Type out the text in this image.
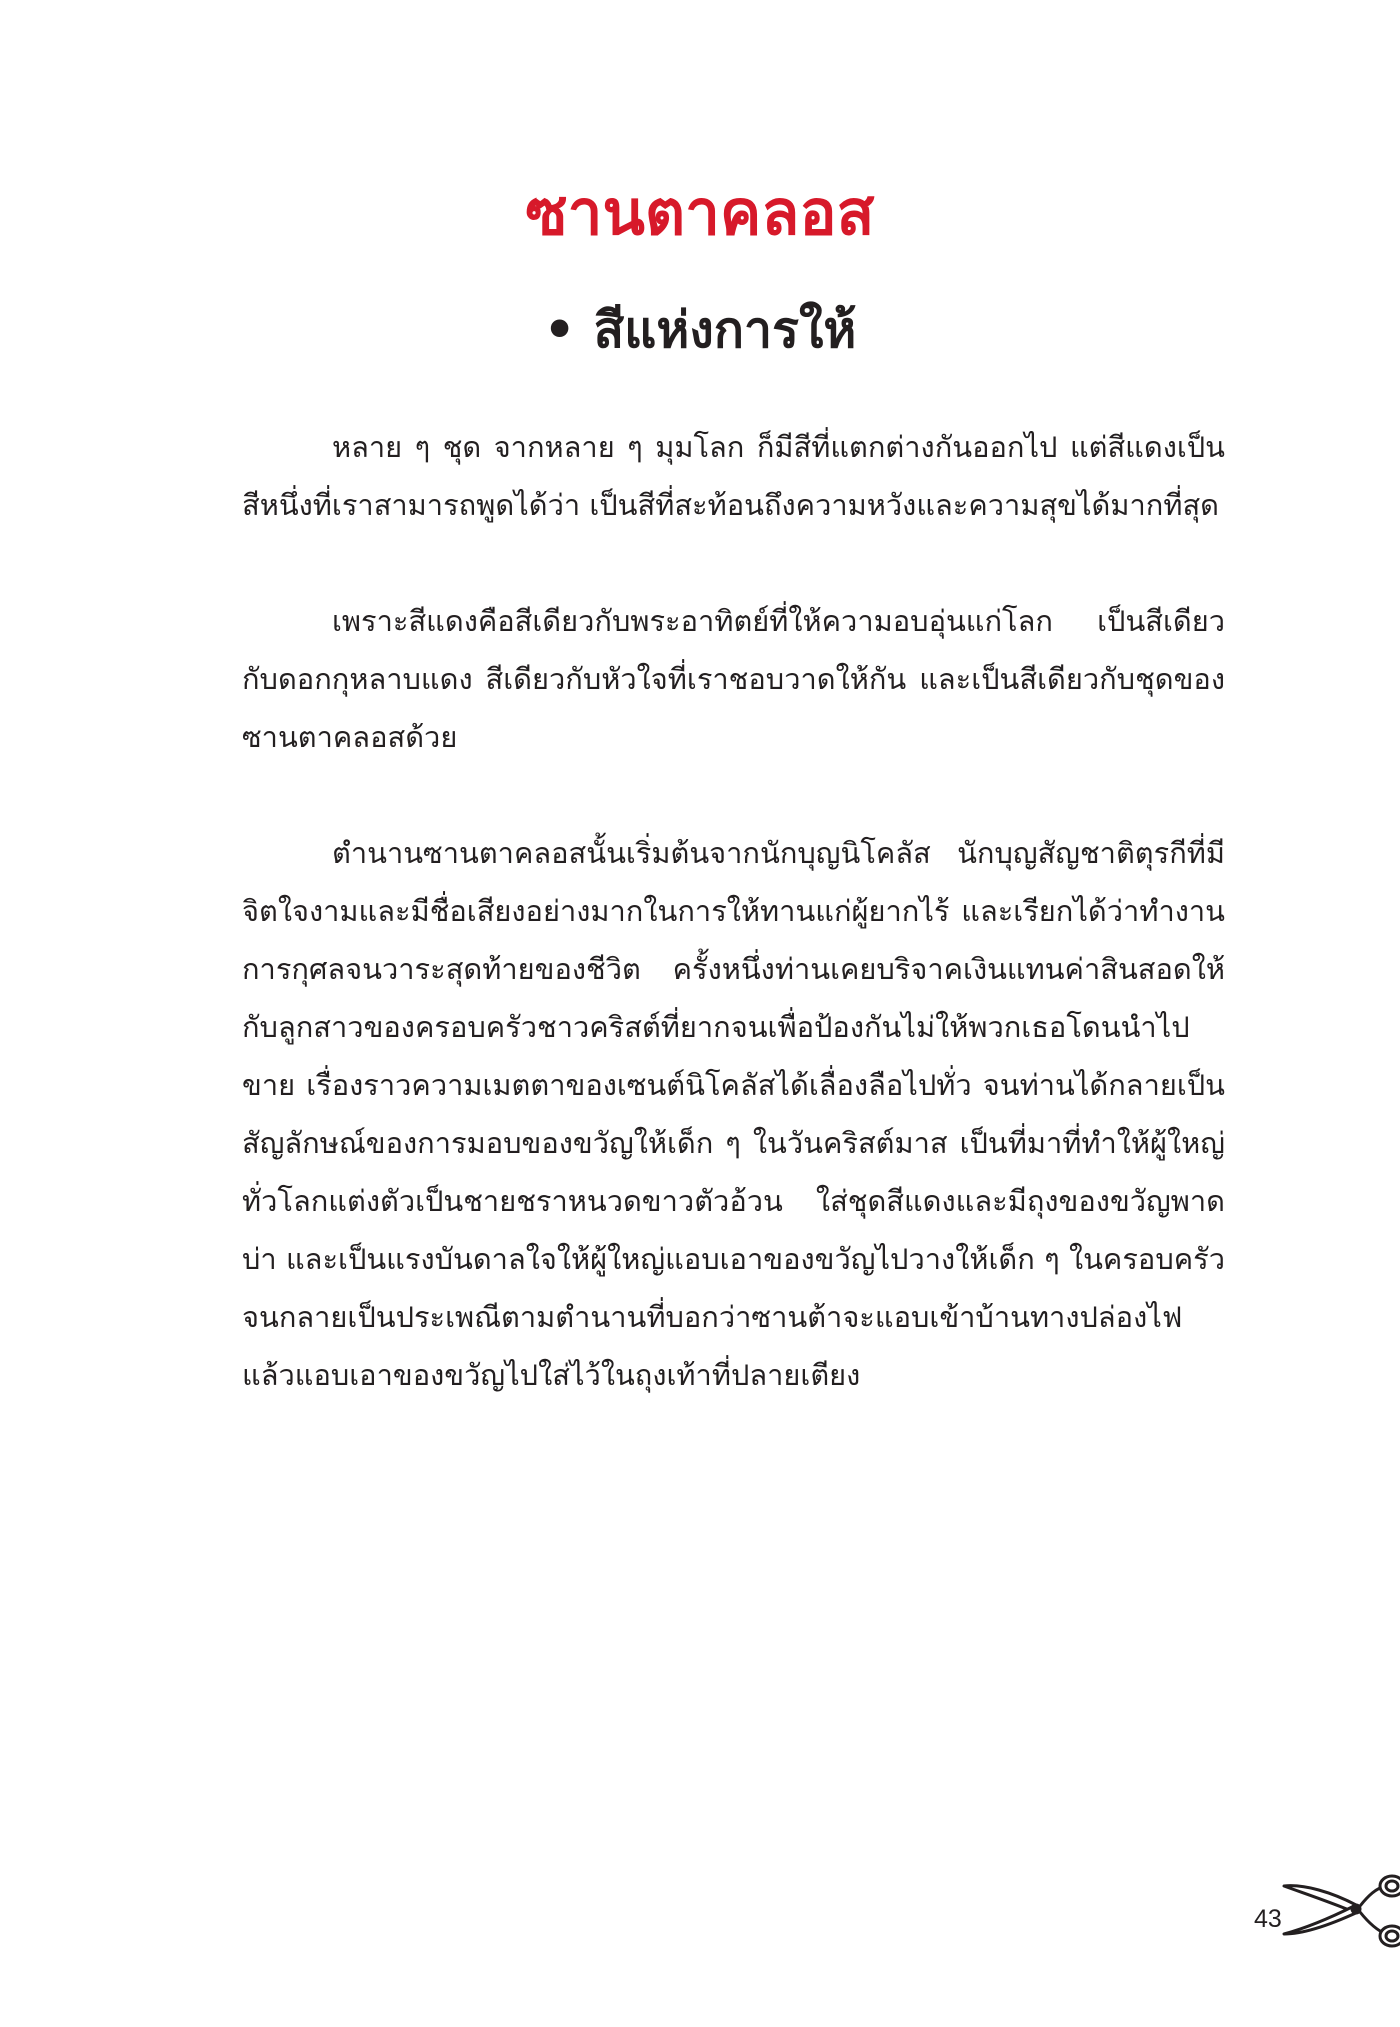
ซานตาคลอส
• สีแห่งการให้

หลาย ๆ ชุด จากหลาย ๆ มุมโลก ก็มีสีที่แตกต่างกันออกไป แต่สีแดงเป็นสีหนึ่งที่เราสามารถพูดได้ว่า เป็นสีที่สะท้อนถึงความหวังและความสุขได้มากที่สุด

เพราะสีแดงคือสีเดียวกับพระอาทิตย์ที่ให้ความอบอุ่นแก่โลก เป็นสีเดียวกับดอกกุหลาบแดง สีเดียวกับหัวใจที่เราชอบวาดให้กัน และเป็นสีเดียวกับชุดของซานตาคลอสด้วย

ตำนานซานตาคลอสนั้นเริ่มต้นจากนักบุญนิโคลัส นักบุญสัญชาติตุรกีที่มีจิตใจงามและมีชื่อเสียงอย่างมากในการให้ทานแก่ผู้ยากไร้ และเรียกได้ว่าทำงานการกุศลจนวาระสุดท้ายของชีวิต ครั้งหนึ่งท่านเคยบริจาคเงินแทนค่าสินสอดให้กับลูกสาวของครอบครัวชาวคริสต์ที่ยากจนเพื่อป้องกันไม่ให้พวกเธอโดนนำไปขาย เรื่องราวความเมตตาของเซนต์นิโคลัสได้เลื่องลือไปทั่ว จนท่านได้กลายเป็นสัญลักษณ์ของการมอบของขวัญให้เด็ก ๆ ในวันคริสต์มาส เป็นที่มาที่ทำให้ผู้ใหญ่ทั่วโลกแต่งตัวเป็นชายชราหนวดขาวตัวอ้วน ใส่ชุดสีแดงและมีถุงของขวัญพาดบ่า และเป็นแรงบันดาลใจให้ผู้ใหญ่แอบเอาของขวัญไปวางให้เด็ก ๆ ในครอบครัวจนกลายเป็นประเพณีตามตำนานที่บอกว่าซานต้าจะแอบเข้าบ้านทางปล่องไฟแล้วแอบเอาของขวัญไปใส่ไว้ในถุงเท้าที่ปลายเตียง

43
